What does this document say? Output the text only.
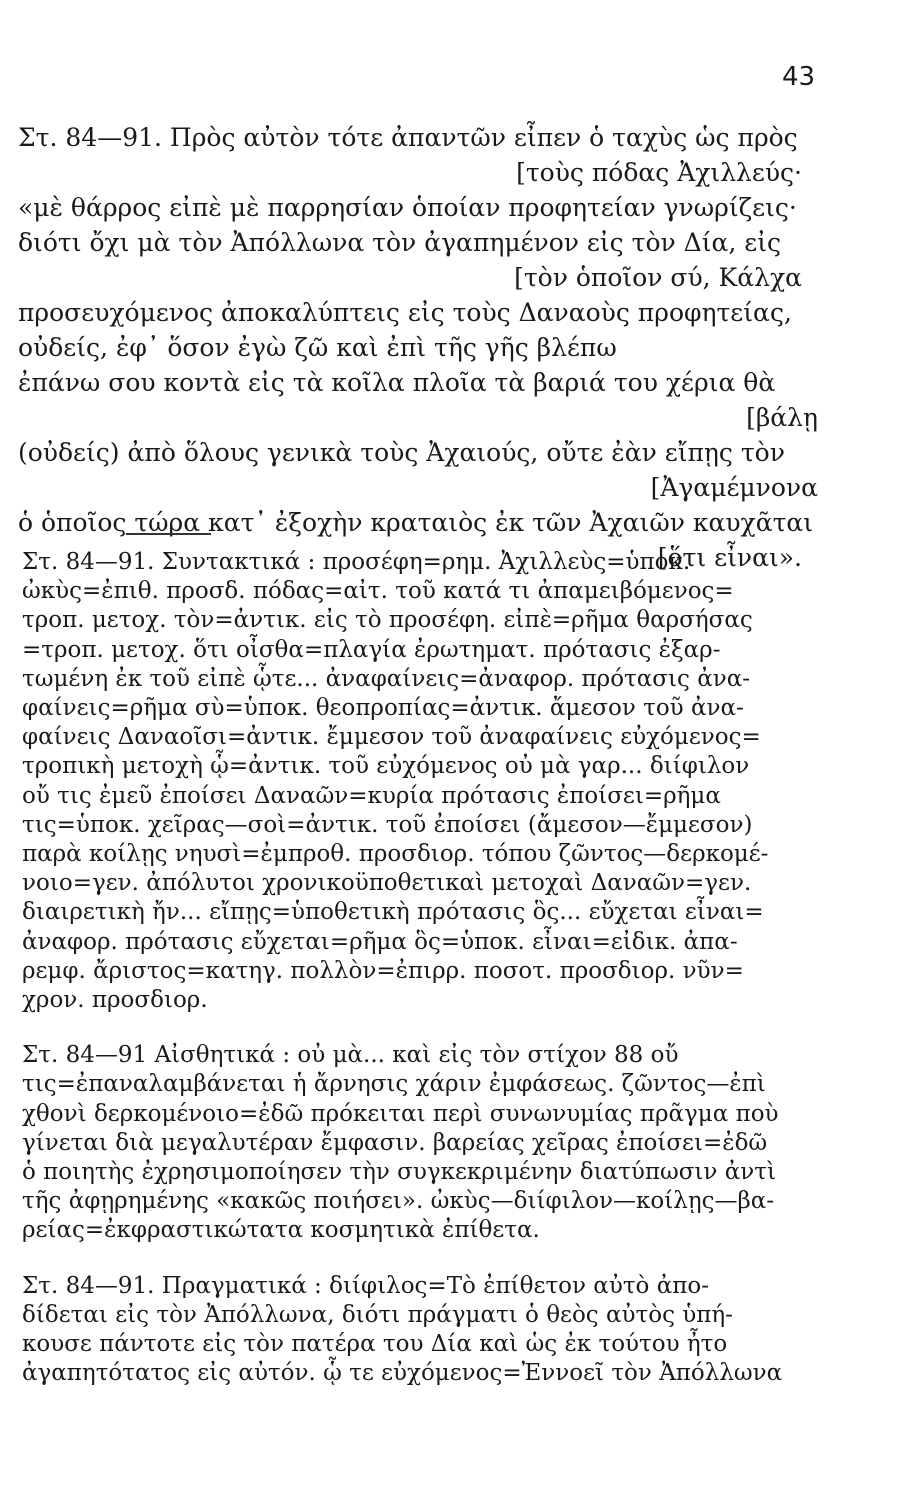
43
Στ. 84—91. Πρὸς αὐτὸν τότε ἀπαντῶν εἶπεν ὁ ταχὺς ὡς πρὸς
[τοὺς πόδας Ἀχιλλεύς·
«μὲ θάρρος εἰπὲ μὲ παρρησίαν ὁποίαν προφητείαν γνωρίζεις·
διότι ὄχι μὰ τὸν Ἀπόλλωνα τὸν ἀγαπημένον εἰς τὸν Δία, εἰς
[τὸν ὁποῖον σύ, Κάλχα
προσευχόμενος ἀποκαλύπτεις εἰς τοὺς Δαναοὺς προφητείας,
οὐδείς, ἐφ᾽ ὅσον ἐγὼ ζῶ καὶ ἐπὶ τῆς γῆς βλέπω
ἐπάνω σου κοντὰ εἰς τὰ κοῖλα πλοῖα τὰ βαριά του χέρια θὰ
[βάλῃ
(οὐδείς) ἀπὸ ὅλους γενικὰ τοὺς Ἀχαιούς, οὔτε ἐὰν εἴπῃς τὸν
[Ἀγαμέμνονα
ὁ ὁποῖος τώρα κατ᾽ ἐξοχὴν κραταιὸς ἐκ τῶν Ἀχαιῶν καυχᾶται
[ὅτι εἶναι».
Στ. 84—91. Συντακτικά : προσέφη=ρημ. Ἀχιλλεὺς=ὑποκ.
ὠκὺς=ἐπιθ. προσδ. πόδας=αἰτ. τοῦ κατά τι ἀπαμειβόμενος=
τροπ. μετοχ. τὸν=ἀντικ. εἰς τὸ προσέφη. εἰπὲ=ρῆμα θαρσήσας
=τροπ. μετοχ. ὅτι οἶσθα=πλαγία ἐρωτηματ. πρότασις ἐξαρ-
τωμένη ἐκ τοῦ εἰπὲ ᾧτε... ἀναφαίνεις=ἀναφορ. πρότασις ἀνα-
φαίνεις=ρῆμα σὺ=ὑποκ. θεοπροπίας=ἀντικ. ἄμεσον τοῦ ἀνα-
φαίνεις Δαναοῖσι=ἀντικ. ἔμμεσον τοῦ ἀναφαίνεις εὐχόμενος=
τροπικὴ μετοχὴ ᾧ=ἀντικ. τοῦ εὐχόμενος οὐ μὰ γαρ... διίφιλον
οὔ τις ἐμεῦ ἐποίσει Δαναῶν=κυρία πρότασις ἐποίσει=ρῆμα
τις=ὑποκ. χεῖρας—σοὶ=ἀντικ. τοῦ ἐποίσει (ἄμεσον—ἔμμεσον)
παρὰ κοίλῃς νηυσὶ=ἐμπροθ. προσδιορ. τόπου ζῶντος—δερκομέ-
νοιο=γεν. ἀπόλυτοι χρονικοϋποθετικαὶ μετοχαὶ Δαναῶν=γεν.
διαιρετικὴ ἤν... εἴπῃς=ὑποθετικὴ πρότασις ὃς... εὔχεται εἶναι=
ἀναφορ. πρότασις εὔχεται=ρῆμα ὃς=ὑποκ. εἶναι=εἰδικ. ἀπα-
ρεμφ. ἄριστος=κατηγ. πολλὸν=ἐπιρρ. ποσοτ. προσδιορ. νῦν=
χρον. προσδιορ.
Στ. 84—91 Αἰσθητικά : οὐ μὰ... καὶ εἰς τὸν στίχον 88 οὔ
τις=ἐπαναλαμβάνεται ἡ ἄρνησις χάριν ἐμφάσεως. ζῶντος—ἐπὶ
χθονὶ δερκομένοιο=ἐδῶ πρόκειται περὶ συνωνυμίας πρᾶγμα ποὺ
γίνεται διὰ μεγαλυτέραν ἔμφασιν. βαρείας χεῖρας ἐποίσει=ἐδῶ
ὁ ποιητὴς ἐχρησιμοποίησεν τὴν συγκεκριμένην διατύπωσιν ἀντὶ
τῆς ἀφῃρημένης «κακῶς ποιήσει». ὠκὺς—διίφιλον—κοίλῃς—βα-
ρείας=ἐκφραστικώτατα κοσμητικὰ ἐπίθετα.
Στ. 84—91. Πραγματικά : διίφιλος=Τὸ ἐπίθετον αὐτὸ ἀπο-
δίδεται εἰς τὸν Ἀπόλλωνα, διότι πράγματι ὁ θεὸς αὐτὸς ὑπή-
κουσε πάντοτε εἰς τὸν πατέρα του Δία καὶ ὡς ἐκ τούτου ἦτο
ἀγαπητότατος εἰς αὐτόν. ᾧ τε εὐχόμενος=Ἐννοεῖ τὸν Ἀπόλλωνα
